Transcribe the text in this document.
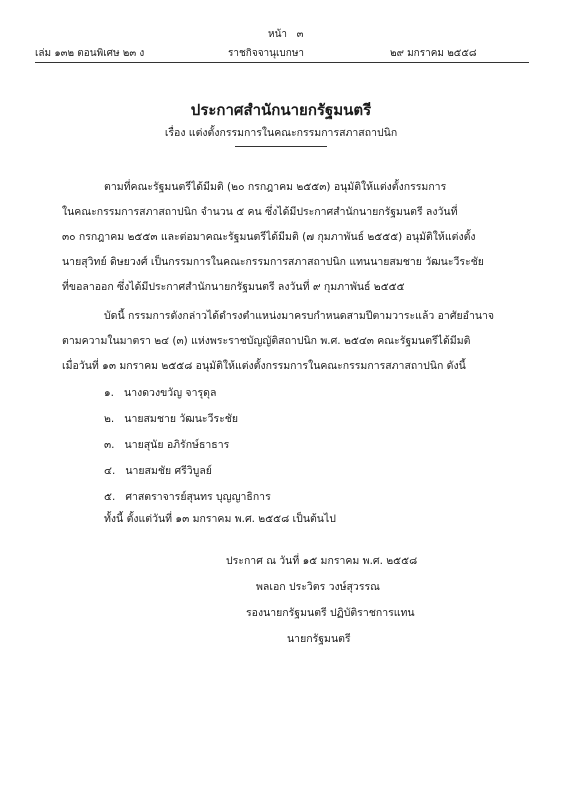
หน้า ๓
เล่ม ๑๓๒ ตอนพิเศษ ๒๓ ง	ราชกิจจานุเบกษา	๒๙ มกราคม ๒๕๕๘
ประกาศสำนักนายกรัฐมนตรี
เรื่อง แต่งตั้งกรรมการในคณะกรรมการสภาสถาปนิก
ตามที่คณะรัฐมนตรีได้มีมติ (๒๐ กรกฎาคม ๒๕๕๓) อนุมัติให้แต่งตั้งกรรมการ
ในคณะกรรมการสภาสถาปนิก จำนวน ๕ คน ซึ่งได้มีประกาศสำนักนายกรัฐมนตรี ลงวันที่
๓๐ กรกฎาคม ๒๕๕๓ และต่อมาคณะรัฐมนตรีได้มีมติ (๗ กุมภาพันธ์ ๒๕๕๕) อนุมัติให้แต่งตั้ง
นายสุวิทย์ ดิษยวงศ์ เป็นกรรมการในคณะกรรมการสภาสถาปนิก แทนนายสมชาย วัฒนะวีระชัย
ที่ขอลาออก ซึ่งได้มีประกาศสำนักนายกรัฐมนตรี ลงวันที่ ๙ กุมภาพันธ์ ๒๕๕๕
บัดนี้ กรรมการดังกล่าวได้ดำรงตำแหน่งมาครบกำหนดสามปีตามวาระแล้ว อาศัยอำนาจ
ตามความในมาตรา ๒๔ (๓) แห่งพระราชบัญญัติสถาปนิก พ.ศ. ๒๕๔๓ คณะรัฐมนตรีได้มีมติ
เมื่อวันที่ ๑๓ มกราคม ๒๕๕๘ อนุมัติให้แต่งตั้งกรรมการในคณะกรรมการสภาสถาปนิก ดังนี้
๑. นางดวงขวัญ จารุดุล
๒. นายสมชาย วัฒนะวีระชัย
๓. นายสุนัย อภิรักษ์ธาธาร
๔. นายสมชัย ศรีวิบูลย์
๕. ศาสตราจารย์สุนทร บุญญาธิการ
ทั้งนี้ ตั้งแต่วันที่ ๑๓ มกราคม พ.ศ. ๒๕๕๘ เป็นต้นไป
ประกาศ ณ วันที่ ๑๕ มกราคม พ.ศ. ๒๕๕๘
พลเอก ประวิตร วงษ์สุวรรณ
รองนายกรัฐมนตรี ปฏิบัติราชการแทน
นายกรัฐมนตรี
